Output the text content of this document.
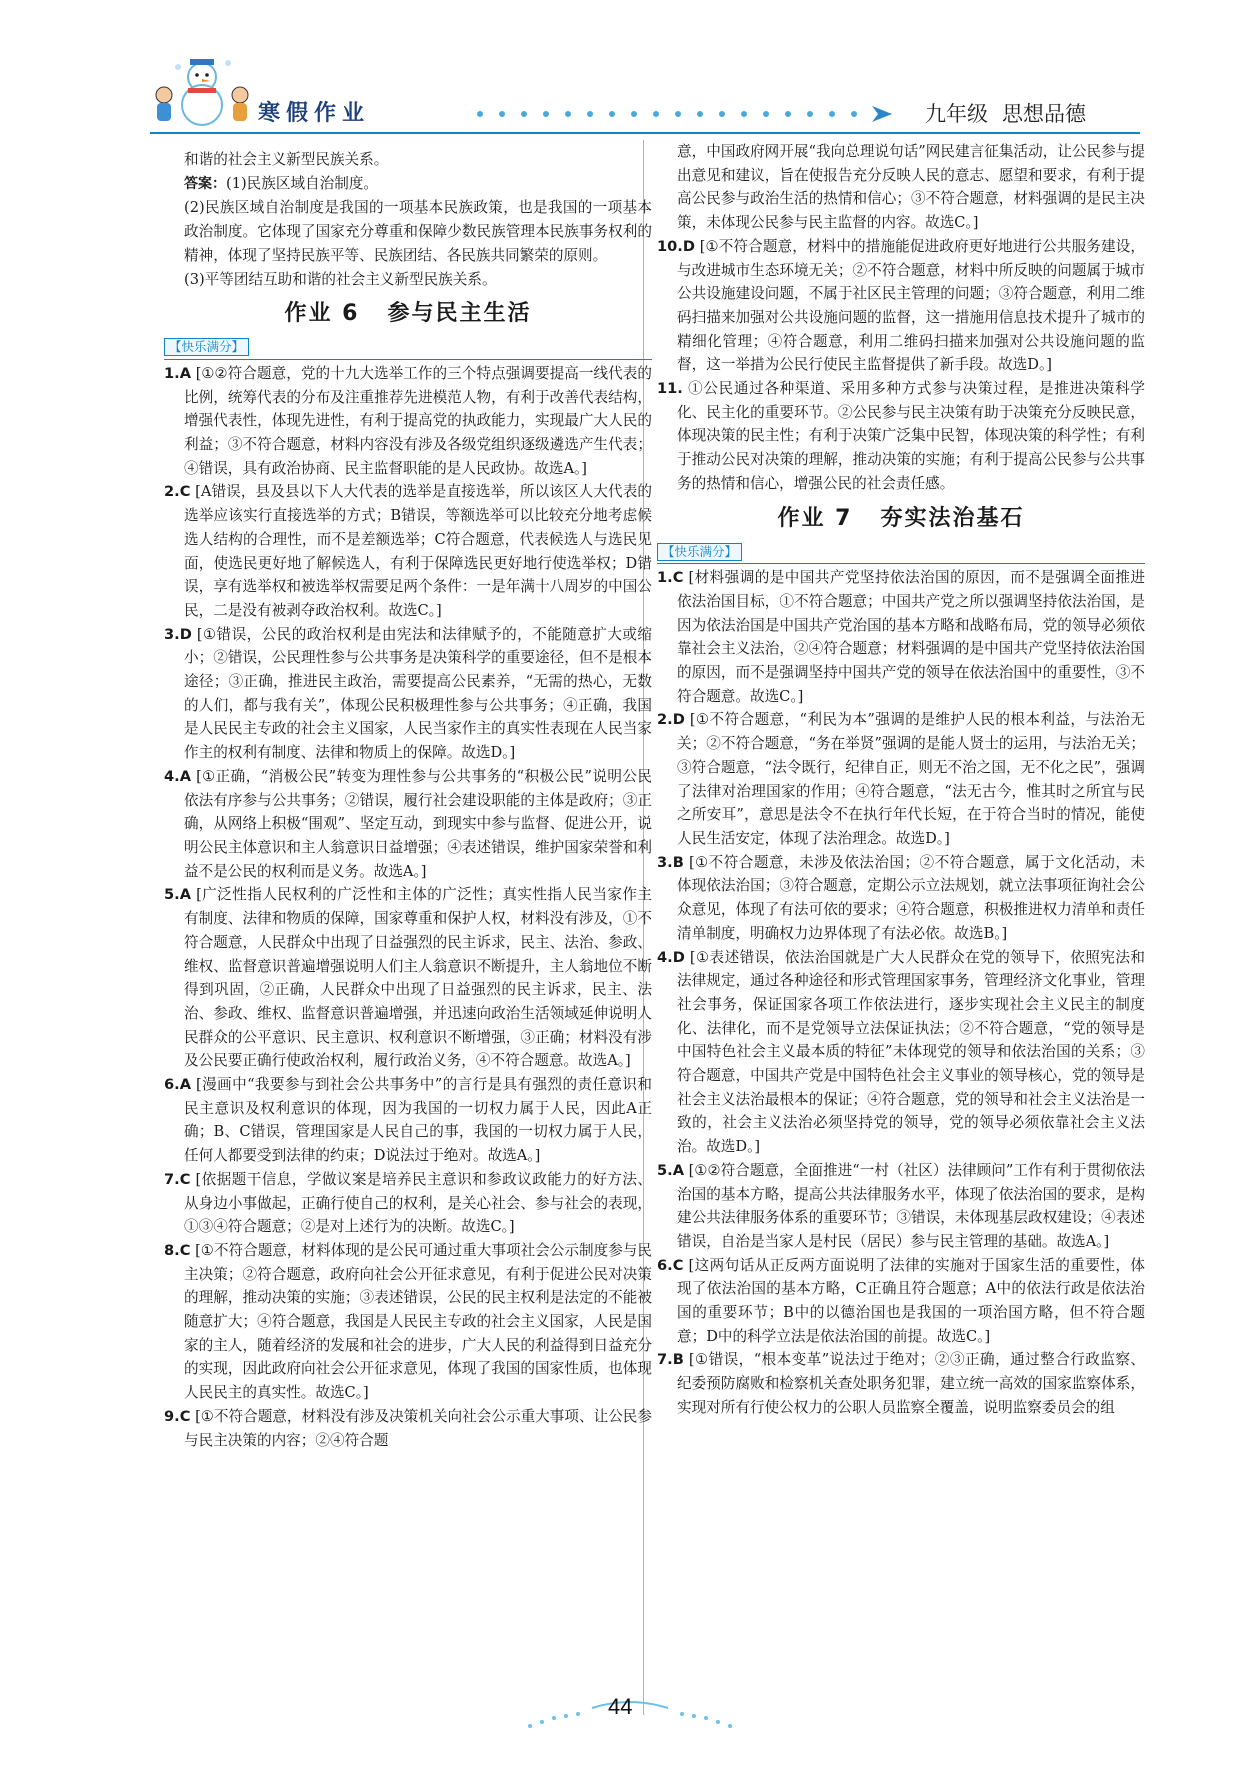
寒假作业	九年级 思想品德

和谐的社会主义新型民族关系。

答案：(1)民族区域自治制度。

(2)民族区域自治制度是我国的一项基本民族政策，也是我国的一项基本政治制度。它体现了国家充分尊重和保障少数民族管理本民族事务权利的精神，体现了坚持民族平等、民族团结、各民族共同繁荣的原则。

(3)平等团结互助和谐的社会主义新型民族关系。

作业 6 参与民主生活
【快乐满分】

1.A [①②符合题意，党的十九大选举工作的三个特点强调要提高一线代表的比例，统筹代表的分布及注重推荐先进模范人物，有利于改善代表结构，增强代表性，体现先进性，有利于提高党的执政能力，实现最广大人民的利益；③不符合题意，材料内容没有涉及各级党组织逐级遴选产生代表；④错误，具有政治协商、民主监督职能的是人民政协。故选A。]

2.C [A错误，县及县以下人大代表的选举是直接选举，所以该区人大代表的选举应该实行直接选举的方式；B错误，等额选举可以比较充分地考虑候选人结构的合理性，而不是差额选举；C符合题意，代表候选人与选民见面，使选民更好地了解候选人，有利于保障选民更好地行使选举权；D错误，享有选举权和被选举权需要足两个条件：一是年满十八周岁的中国公民，二是没有被剥夺政治权利。故选C。]

3.D [①错误，公民的政治权利是由宪法和法律赋予的，不能随意扩大或缩小；②错误，公民理性参与公共事务是决策科学的重要途径，但不是根本途径；③正确，推进民主政治，需要提高公民素养，“无需的热心，无数的人们，都与我有关”，体现公民积极理性参与公共事务；④正确，我国是人民民主专政的社会主义国家，人民当家作主的真实性表现在人民当家作主的权利有制度、法律和物质上的保障。故选D。]

4.A [①正确，“消极公民”转变为理性参与公共事务的“积极公民”说明公民依法有序参与公共事务；②错误，履行社会建设职能的主体是政府；③正确，从网络上积极“围观”、坚定互动，到现实中参与监督、促进公开，说明公民主体意识和主人翁意识日益增强；④表述错误，维护国家荣誉和利益不是公民的权利而是义务。故选A。]

5.A [广泛性指人民权利的广泛性和主体的广泛性；真实性指人民当家作主有制度、法律和物质的保障，国家尊重和保护人权，材料没有涉及，①不符合题意，人民群众中出现了日益强烈的民主诉求，民主、法治、参政、维权、监督意识普遍增强说明人们主人翁意识不断提升，主人翁地位不断得到巩固，②正确，人民群众中出现了日益强烈的民主诉求，民主、法治、参政、维权、监督意识普遍增强，并迅速向政治生活领域延伸说明人民群众的公平意识、民主意识、权利意识不断增强，③正确；材料没有涉及公民要正确行使政治权利，履行政治义务，④不符合题意。故选A。]

6.A [漫画中“我要参与到社会公共事务中”的言行是具有强烈的责任意识和民主意识及权利意识的体现，因为我国的一切权力属于人民，因此A正确；B、C错误，管理国家是人民自己的事，我国的一切权力属于人民，任何人都要受到法律的约束；D说法过于绝对。故选A。]

7.C [依据题干信息，学做议案是培养民主意识和参政议政能力的好方法、从身边小事做起，正确行使自己的权利，是关心社会、参与社会的表现，①③④符合题意；②是对上述行为的决断。故选C。]

8.C [①不符合题意，材料体现的是公民可通过重大事项社会公示制度参与民主决策；②符合题意，政府向社会公开征求意见，有利于促进公民对决策的理解，推动决策的实施；③表述错误，公民的民主权利是法定的不能被随意扩大；④符合题意，我国是人民民主专政的社会主义国家，人民是国家的主人，随着经济的发展和社会的进步，广大人民的利益得到日益充分的实现，因此政府向社会公开征求意见，体现了我国的国家性质，也体现人民民主的真实性。故选C。]

9.C [①不符合题意，材料没有涉及决策机关向社会公示重大事项、让公民参与民主决策的内容；②④符合题

意，中国政府网开展“我向总理说句话”网民建言征集活动，让公民参与提出意见和建议，旨在使报告充分反映人民的意志、愿望和要求，有利于提高公民参与政治生活的热情和信心；③不符合题意，材料强调的是民主决策，未体现公民参与民主监督的内容。故选C。]

10.D [①不符合题意，材料中的措施能促进政府更好地进行公共服务建设，与改进城市生态环境无关；②不符合题意，材料中所反映的问题属于城市公共设施建设问题，不属于社区民主管理的问题；③符合题意，利用二维码扫描来加强对公共设施问题的监督，这一措施用信息技术提升了城市的精细化管理；④符合题意，利用二维码扫描来加强对公共设施问题的监督，这一举措为公民行使民主监督提供了新手段。故选D。]

11. ①公民通过各种渠道、采用多种方式参与决策过程，是推进决策科学化、民主化的重要环节。②公民参与民主决策有助于决策充分反映民意，体现决策的民主性；有利于决策广泛集中民智，体现决策的科学性；有利于推动公民对决策的理解，推动决策的实施；有利于提高公民参与公共事务的热情和信心，增强公民的社会责任感。

作业 7 夯实法治基石
【快乐满分】

1.C [材料强调的是中国共产党坚持依法治国的原因，而不是强调全面推进依法治国目标，①不符合题意；中国共产党之所以强调坚持依法治国，是因为依法治国是中国共产党治国的基本方略和战略布局，党的领导必须依靠社会主义法治，②④符合题意；材料强调的是中国共产党坚持依法治国的原因，而不是强调坚持中国共产党的领导在依法治国中的重要性，③不符合题意。故选C。]

2.D [①不符合题意，“利民为本”强调的是维护人民的根本利益，与法治无关；②不符合题意，“务在举贤”强调的是能人贤士的运用，与法治无关；③符合题意，“法令既行，纪律自正，则无不治之国，无不化之民”，强调了法律对治理国家的作用；④符合题意，“法无古今，惟其时之所宜与民之所安耳”，意思是法令不在执行年代长短，在于符合当时的情况，能使人民生活安定，体现了法治理念。故选D。]

3.B [①不符合题意，未涉及依法治国；②不符合题意，属于文化活动，未体现依法治国；③符合题意，定期公示立法规划，就立法事项征询社会公众意见，体现了有法可依的要求；④符合题意，积极推进权力清单和责任清单制度，明确权力边界体现了有法必依。故选B。]

4.D [①表述错误，依法治国就是广大人民群众在党的领导下，依照宪法和法律规定，通过各种途径和形式管理国家事务，管理经济文化事业，管理社会事务，保证国家各项工作依法进行，逐步实现社会主义民主的制度化、法律化，而不是党领导立法保证执法；②不符合题意，“党的领导是中国特色社会主义最本质的特征”未体现党的领导和依法治国的关系；③符合题意，中国共产党是中国特色社会主义事业的领导核心，党的领导是社会主义法治最根本的保证；④符合题意，党的领导和社会主义法治是一致的，社会主义法治必须坚持党的领导，党的领导必须依靠社会主义法治。故选D。]

5.A [①②符合题意，全面推进“一村（社区）法律顾问”工作有利于贯彻依法治国的基本方略，提高公共法律服务水平，体现了依法治国的要求，是构建公共法律服务体系的重要环节；③错误，未体现基层政权建设；④表述错误，自治是当家人是村民（居民）参与民主管理的基础。故选A。]

6.C [这两句话从正反两方面说明了法律的实施对于国家生活的重要性，体现了依法治国的基本方略，C正确且符合题意；A中的依法行政是依法治国的重要环节；B中的以德治国也是我国的一项治国方略，但不符合题意；D中的科学立法是依法治国的前提。故选C。]

7.B [①错误，“根本变革”说法过于绝对；②③正确，通过整合行政监察、纪委预防腐败和检察机关查处职务犯罪，建立统一高效的国家监察体系，实现对所有行使公权力的公职人员监察全覆盖，说明监察委员会的组

44
